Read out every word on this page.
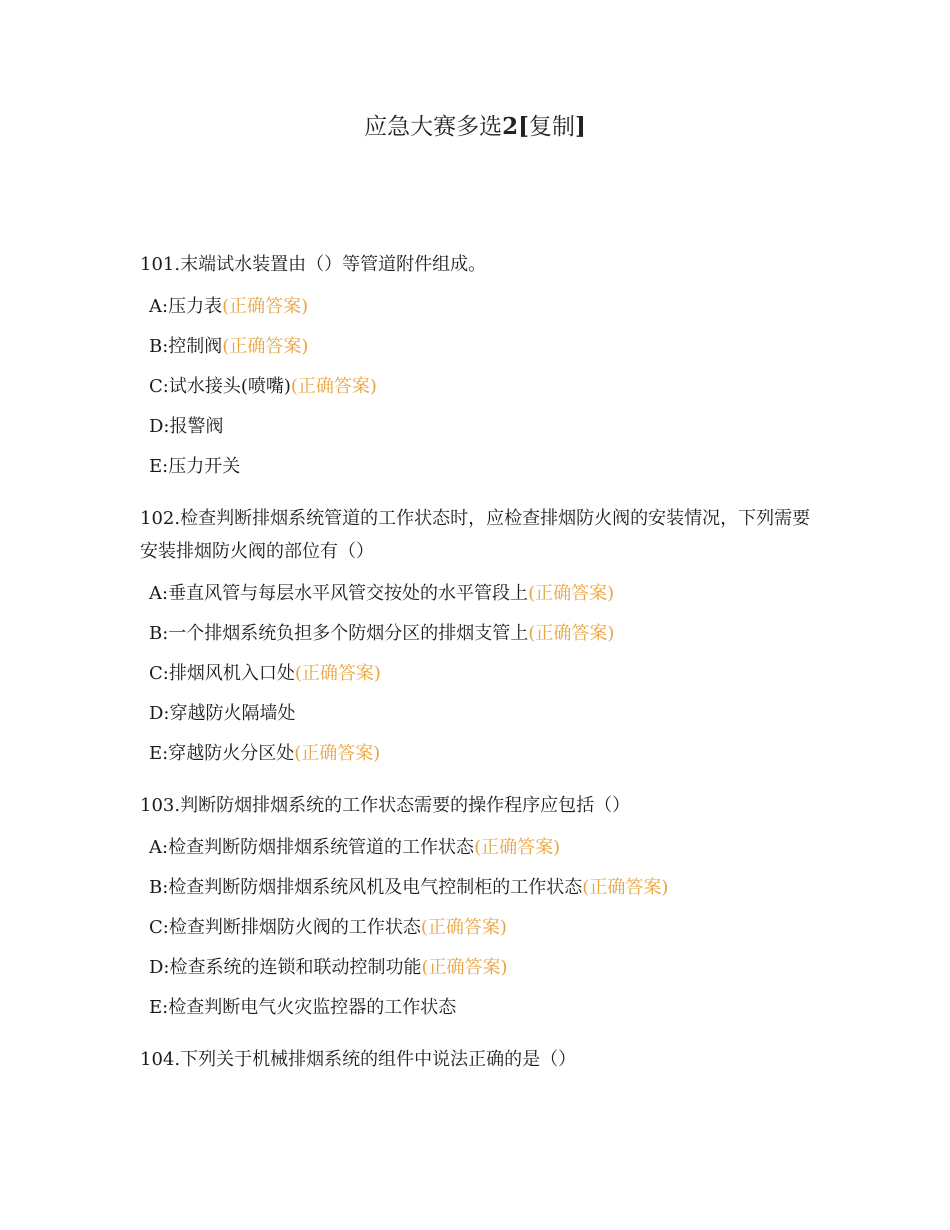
应急大赛多选2[复制]
101.末端试水装置由（）等管道附件组成。
A:压力表(正确答案)
B:控制阀(正确答案)
C:试水接头(喷嘴)(正确答案)
D:报警阀
E:压力开关
102.检查判断排烟系统管道的工作状态时，应检查排烟防火阀的安装情况，下列需要安装排烟防火阀的部位有（）
A:垂直风管与每层水平风管交按处的水平管段上(正确答案)
B:一个排烟系统负担多个防烟分区的排烟支管上(正确答案)
C:排烟风机入口处(正确答案)
D:穿越防火隔墙处
E:穿越防火分区处(正确答案)
103.判断防烟排烟系统的工作状态需要的操作程序应包括（）
A:检查判断防烟排烟系统管道的工作状态(正确答案)
B:检查判断防烟排烟系统风机及电气控制柜的工作状态(正确答案)
C:检查判断排烟防火阀的工作状态(正确答案)
D:检查系统的连锁和联动控制功能(正确答案)
E:检查判断电气火灾监控器的工作状态
104.下列关于机械排烟系统的组件中说法正确的是（）
